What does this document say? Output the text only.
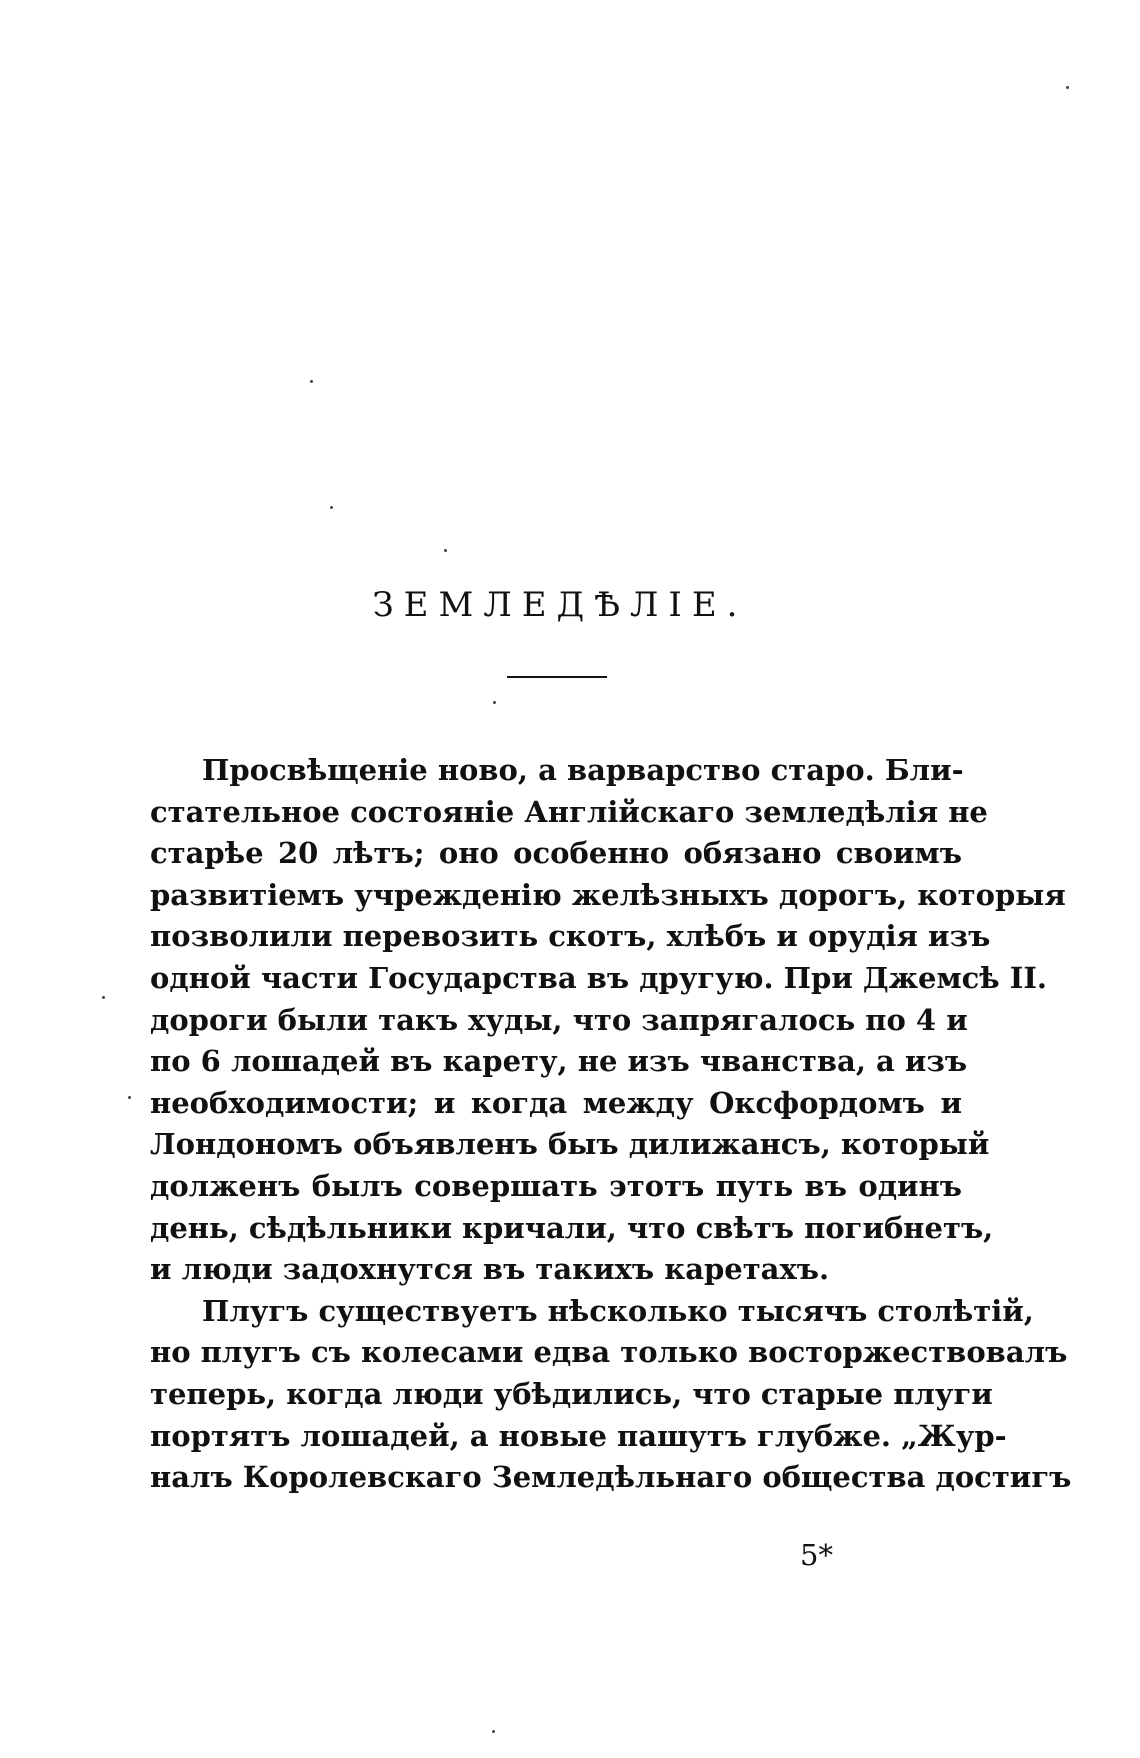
ЗЕМЛЕДѢЛІЕ.
Просвѣщеніе ново, а варварство старо. Бли-
стательное состояніе Англійскаго земледѣлія не
старѣе 20 лѣтъ; оно особенно обязано своимъ
развитіемъ учрежденію желѣзныхъ дорогъ, которыя
позволили перевозить скотъ, хлѣбъ и орудія изъ
одной части Государства въ другую. При Джемсѣ II.
дороги были такъ худы, что запрягалось по 4 и
по 6 лошадей въ карету, не изъ чванства, а изъ
необходимости; и когда между Оксфордомъ и
Лондономъ объявленъ быъ дилижансъ, который
долженъ былъ совершать этотъ путь въ одинъ
день, сѣдѣльники кричали, что свѣтъ погибнетъ,
и люди задохнутся въ такихъ каретахъ.
Плугъ существуетъ нѣсколько тысячъ столѣтій,
но плугъ съ колесами едва только восторжествовалъ
теперь, когда люди убѣдились, что старые плуги
портятъ лошадей, а новые пашутъ глубже. „Жур-
налъ Королевскаго Земледѣльнаго общества достигъ
5*
